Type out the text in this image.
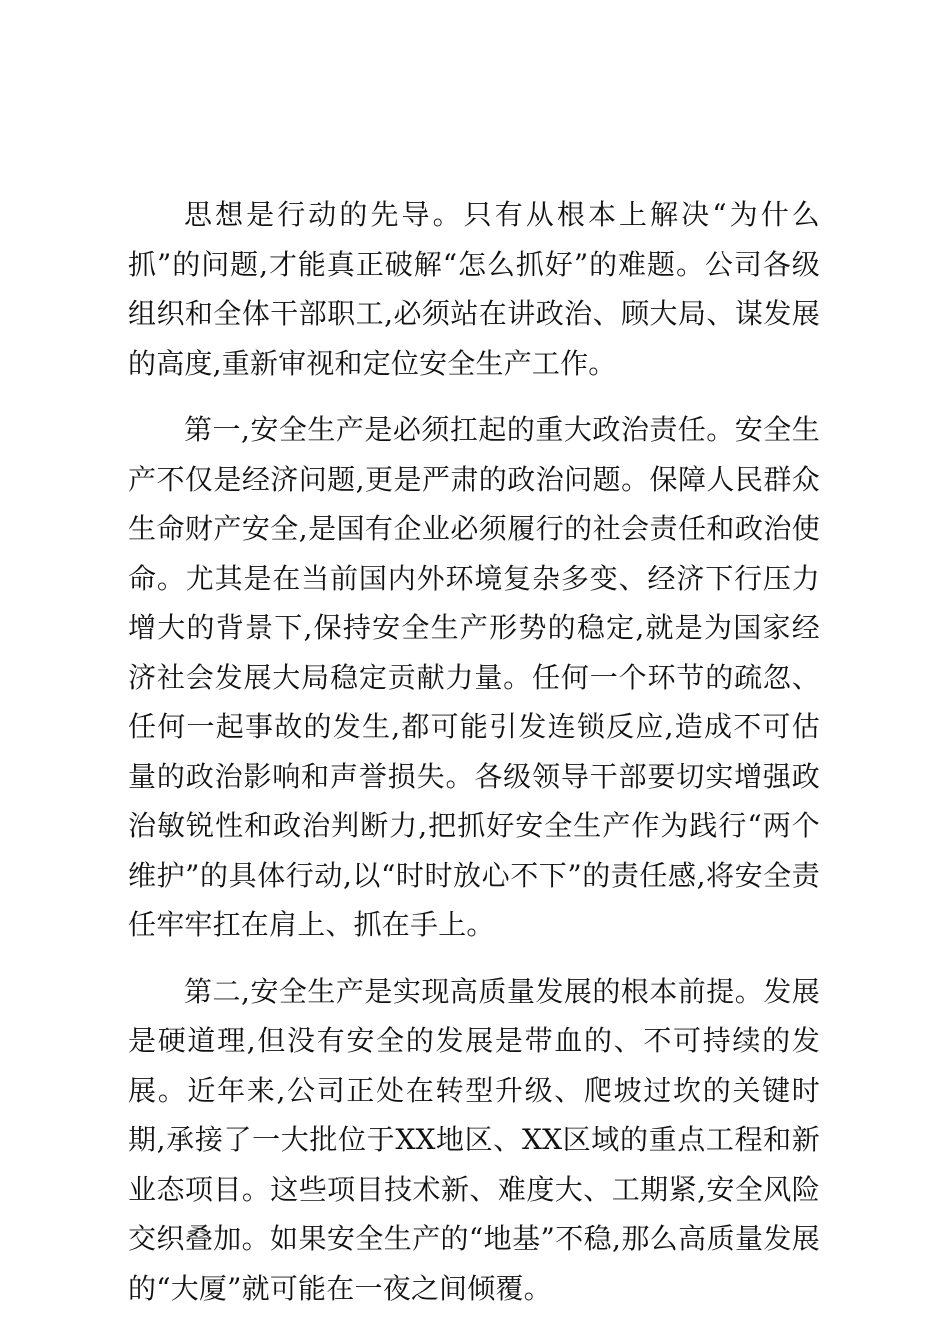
思想是行动的先导。只有从根本上解决“为什么抓”的问题,才能真正破解“怎么抓好”的难题。公司各级组织和全体干部职工,必须站在讲政治、顾大局、谋发展的高度,重新审视和定位安全生产工作。

第一,安全生产是必须扛起的重大政治责任。安全生产不仅是经济问题,更是严肃的政治问题。保障人民群众生命财产安全,是国有企业必须履行的社会责任和政治使命。尤其是在当前国内外环境复杂多变、经济下行压力增大的背景下,保持安全生产形势的稳定,就是为国家经济社会发展大局稳定贡献力量。任何一个环节的疏忽、任何一起事故的发生,都可能引发连锁反应,造成不可估量的政治影响和声誉损失。各级领导干部要切实增强政治敏锐性和政治判断力,把抓好安全生产作为践行“两个维护”的具体行动,以“时时放心不下”的责任感,将安全责任牢牢扛在肩上、抓在手上。

第二,安全生产是实现高质量发展的根本前提。发展是硬道理,但没有安全的发展是带血的、不可持续的发展。近年来,公司正处在转型升级、爬坡过坎的关键时期,承接了一大批位于XX地区、XX区域的重点工程和新业态项目。这些项目技术新、难度大、工期紧,安全风险交织叠加。如果安全生产的“地基”不稳,那么高质量发展的“大厦”就可能在一夜之间倾覆。
